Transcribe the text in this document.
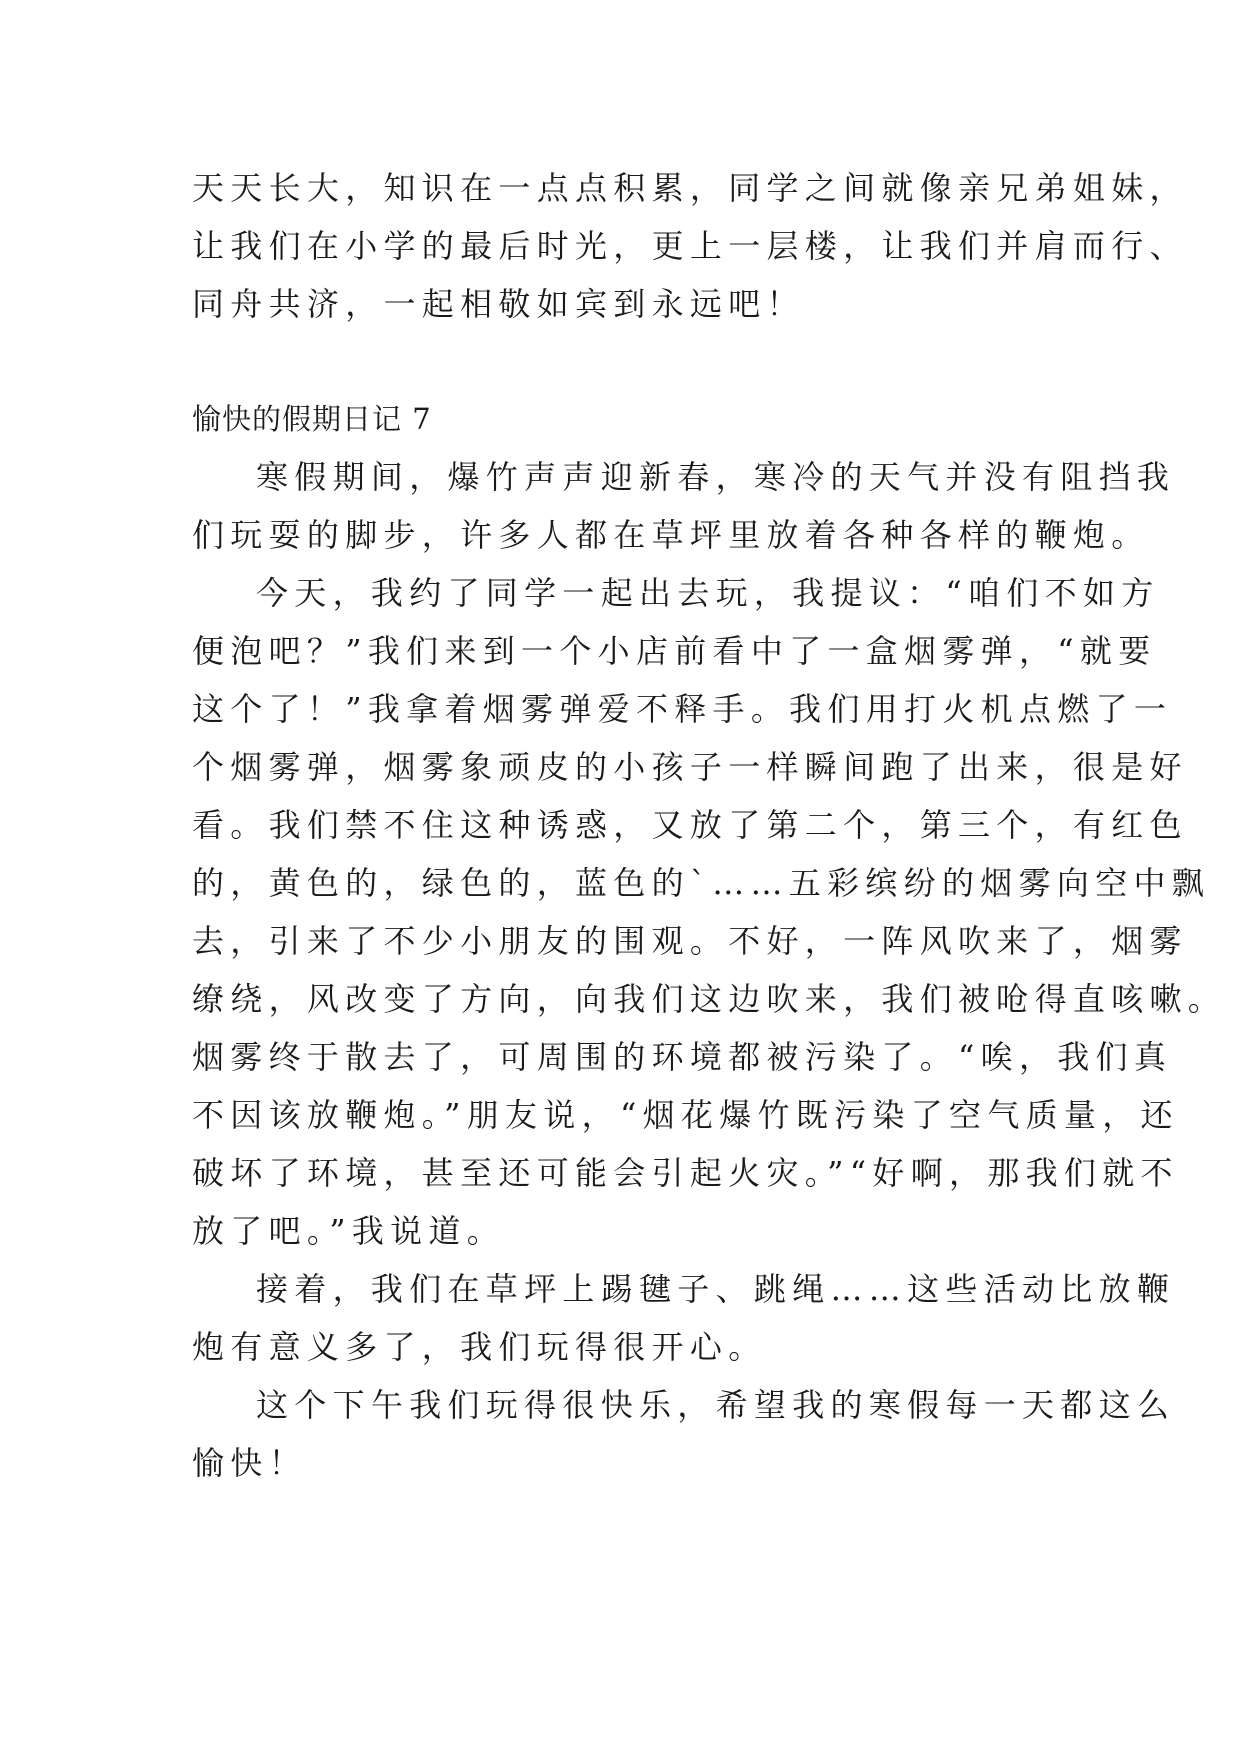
天天长大，知识在一点点积累，同学之间就像亲兄弟姐妹，
让我们在小学的最后时光，更上一层楼，让我们并肩而行、
同舟共济，一起相敬如宾到永远吧！
愉快的假期日记 7
寒假期间，爆竹声声迎新春，寒冷的天气并没有阻挡我
们玩耍的脚步，许多人都在草坪里放着各种各样的鞭炮。
今天，我约了同学一起出去玩，我提议：“咱们不如方
便泡吧？”我们来到一个小店前看中了一盒烟雾弹，“就要
这个了！”我拿着烟雾弹爱不释手。我们用打火机点燃了一
个烟雾弹，烟雾象顽皮的小孩子一样瞬间跑了出来，很是好
看。我们禁不住这种诱惑，又放了第二个，第三个，有红色
的，黄色的，绿色的，蓝色的`……五彩缤纷的烟雾向空中飘
去，引来了不少小朋友的围观。不好，一阵风吹来了，烟雾
缭绕，风改变了方向，向我们这边吹来，我们被呛得直咳嗽。
烟雾终于散去了，可周围的环境都被污染了。“唉，我们真
不因该放鞭炮。”朋友说，“烟花爆竹既污染了空气质量，还
破坏了环境，甚至还可能会引起火灾。”“好啊，那我们就不
放了吧。”我说道。
接着，我们在草坪上踢毽子、跳绳……这些活动比放鞭
炮有意义多了，我们玩得很开心。
这个下午我们玩得很快乐，希望我的寒假每一天都这么
愉快！
